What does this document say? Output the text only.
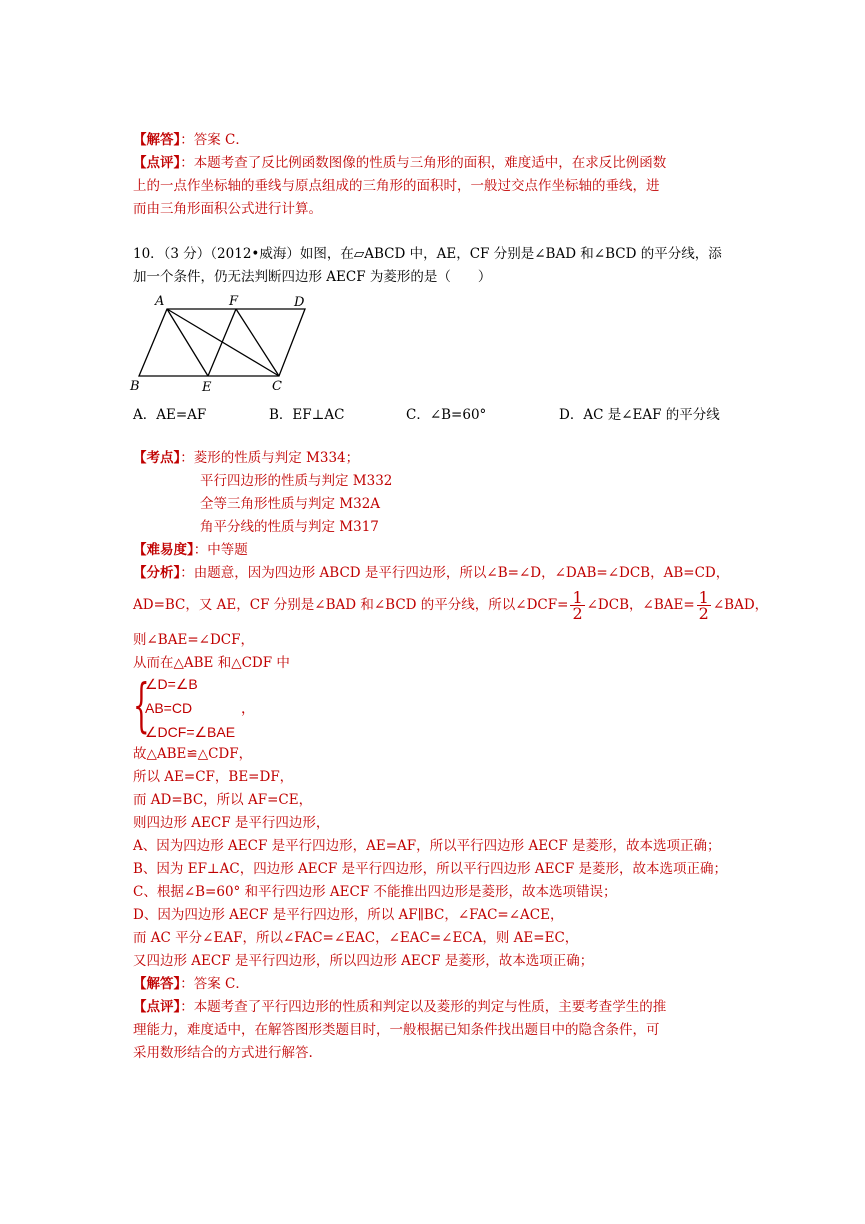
【解答】：答案 C．
【点评】：本题考查了反比例函数图像的性质与三角形的面积，难度适中，在求反比例函数
上的一点作坐标轴的垂线与原点组成的三角形的面积时，一般过交点作坐标轴的垂线，进
而由三角形面积公式进行计算。
10．（3 分）（2012•威海）如图，在▱ABCD 中，AE，CF 分别是∠BAD 和∠BCD 的平分线，添
加一个条件，仍无法判断四边形 AECF 为菱形的是（　　）
A	F	D
B	E	C
A．AE=AF	B．EF⊥AC	C．∠B=60°	D．AC 是∠EAF 的平分线
【考点】：菱形的性质与判定 M334；
平行四边形的性质与判定 M332
全等三角形性质与判定 M32A
角平分线的性质与判定 M317
【难易度】：中等题
【分析】：由题意，因为四边形 ABCD 是平行四边形，所以∠B=∠D，∠DAB=∠DCB，AB=CD，
AD=BC，又 AE，CF 分别是∠BAD 和∠BCD 的平分线，所以∠DCF= $\frac{1}{2}$ ∠DCB，∠BAE= $\frac{1}{2}$ ∠BAD，
则∠BAE=∠DCF，
从而在△ABE 和△CDF 中
{
∠D=∠B
AB=CD
∠DCF=∠BAE
，
故△ABE≌△CDF，
所以 AE=CF，BE=DF，
而 AD=BC，所以 AF=CE，
则四边形 AECF 是平行四边形，
A、因为四边形 AECF 是平行四边形，AE=AF，所以平行四边形 AECF 是菱形，故本选项正确；
B、因为 EF⊥AC，四边形 AECF 是平行四边形，所以平行四边形 AECF 是菱形，故本选项正确；
C、根据∠B=60° 和平行四边形 AECF 不能推出四边形是菱形，故本选项错误；
D、因为四边形 AECF 是平行四边形，所以 AF∥BC，∠FAC=∠ACE，
而 AC 平分∠EAF，所以∠FAC=∠EAC，∠EAC=∠ECA，则 AE=EC，
又四边形 AECF 是平行四边形，所以四边形 AECF 是菱形，故本选项正确；
【解答】：答案 C．
【点评】：本题考查了平行四边形的性质和判定以及菱形的判定与性质，主要考查学生的推
理能力，难度适中，在解答图形类题目时，一般根据已知条件找出题目中的隐含条件，可
采用数形结合的方式进行解答.
